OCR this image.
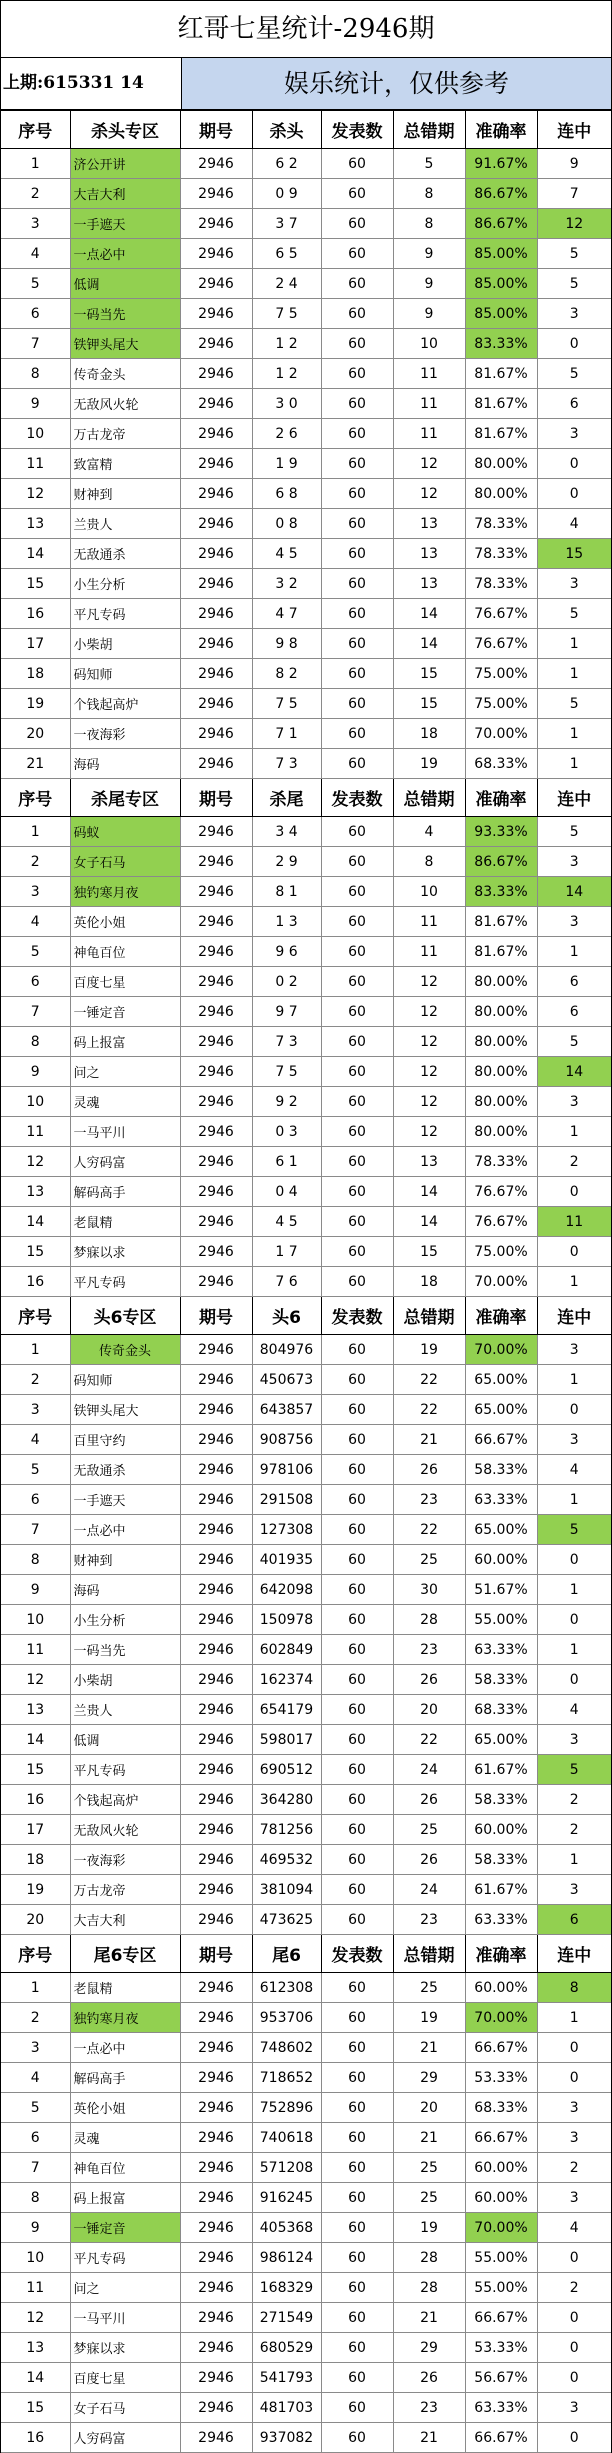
红哥七星统计-2946期
上期:615331 14	娱乐统计，仅供参考
序号	杀头专区	期号	杀头	发表数	总错期	准确率	连中
1	济公开讲	2946	6 2	60	5	91.67%	9
2	大吉大利	2946	0 9	60	8	86.67%	7
3	一手遮天	2946	3 7	60	8	86.67%	12
4	一点必中	2946	6 5	60	9	85.00%	5
5	低调	2946	2 4	60	9	85.00%	5
6	一码当先	2946	7 5	60	9	85.00%	3
7	铁钾头尾大	2946	1 2	60	10	83.33%	0
8	传奇金头	2946	1 2	60	11	81.67%	5
9	无敌风火轮	2946	3 0	60	11	81.67%	6
10	万古龙帝	2946	2 6	60	11	81.67%	3
11	致富精	2946	1 9	60	12	80.00%	0
12	财神到	2946	6 8	60	12	80.00%	0
13	兰贵人	2946	0 8	60	13	78.33%	4
14	无敌通杀	2946	4 5	60	13	78.33%	15
15	小生分析	2946	3 2	60	13	78.33%	3
16	平凡专码	2946	4 7	60	14	76.67%	5
17	小柴胡	2946	9 8	60	14	76.67%	1
18	码知师	2946	8 2	60	15	75.00%	1
19	个钱起高炉	2946	7 5	60	15	75.00%	5
20	一夜海彩	2946	7 1	60	18	70.00%	1
21	海码	2946	7 3	60	19	68.33%	1
序号	杀尾专区	期号	杀尾	发表数	总错期	准确率	连中
1	码蚁	2946	3 4	60	4	93.33%	5
2	女子石马	2946	2 9	60	8	86.67%	3
3	独钓寒月夜	2946	8 1	60	10	83.33%	14
4	英伦小姐	2946	1 3	60	11	81.67%	3
5	神龟百位	2946	9 6	60	11	81.67%	1
6	百度七星	2946	0 2	60	12	80.00%	6
7	一锤定音	2946	9 7	60	12	80.00%	6
8	码上报富	2946	7 3	60	12	80.00%	5
9	问之	2946	7 5	60	12	80.00%	14
10	灵魂	2946	9 2	60	12	80.00%	3
11	一马平川	2946	0 3	60	12	80.00%	1
12	人穷码富	2946	6 1	60	13	78.33%	2
13	解码高手	2946	0 4	60	14	76.67%	0
14	老鼠精	2946	4 5	60	14	76.67%	11
15	梦寐以求	2946	1 7	60	15	75.00%	0
16	平凡专码	2946	7 6	60	18	70.00%	1
序号	头6专区	期号	头6	发表数	总错期	准确率	连中
1	传奇金头	2946	804976	60	19	70.00%	3
2	码知师	2946	450673	60	22	65.00%	1
3	铁钾头尾大	2946	643857	60	22	65.00%	0
4	百里守约	2946	908756	60	21	66.67%	3
5	无敌通杀	2946	978106	60	26	58.33%	4
6	一手遮天	2946	291508	60	23	63.33%	1
7	一点必中	2946	127308	60	22	65.00%	5
8	财神到	2946	401935	60	25	60.00%	0
9	海码	2946	642098	60	30	51.67%	1
10	小生分析	2946	150978	60	28	55.00%	0
11	一码当先	2946	602849	60	23	63.33%	1
12	小柴胡	2946	162374	60	26	58.33%	0
13	兰贵人	2946	654179	60	20	68.33%	4
14	低调	2946	598017	60	22	65.00%	3
15	平凡专码	2946	690512	60	24	61.67%	5
16	个钱起高炉	2946	364280	60	26	58.33%	2
17	无敌风火轮	2946	781256	60	25	60.00%	2
18	一夜海彩	2946	469532	60	26	58.33%	1
19	万古龙帝	2946	381094	60	24	61.67%	3
20	大吉大利	2946	473625	60	23	63.33%	6
序号	尾6专区	期号	尾6	发表数	总错期	准确率	连中
1	老鼠精	2946	612308	60	25	60.00%	8
2	独钓寒月夜	2946	953706	60	19	70.00%	1
3	一点必中	2946	748602	60	21	66.67%	0
4	解码高手	2946	718652	60	29	53.33%	0
5	英伦小姐	2946	752896	60	20	68.33%	3
6	灵魂	2946	740618	60	21	66.67%	3
7	神龟百位	2946	571208	60	25	60.00%	2
8	码上报富	2946	916245	60	25	60.00%	3
9	一锤定音	2946	405368	60	19	70.00%	4
10	平凡专码	2946	986124	60	28	55.00%	0
11	问之	2946	168329	60	28	55.00%	2
12	一马平川	2946	271549	60	21	66.67%	0
13	梦寐以求	2946	680529	60	29	53.33%	0
14	百度七星	2946	541793	60	26	56.67%	0
15	女子石马	2946	481703	60	23	63.33%	3
16	人穷码富	2946	937082	60	21	66.67%	0
